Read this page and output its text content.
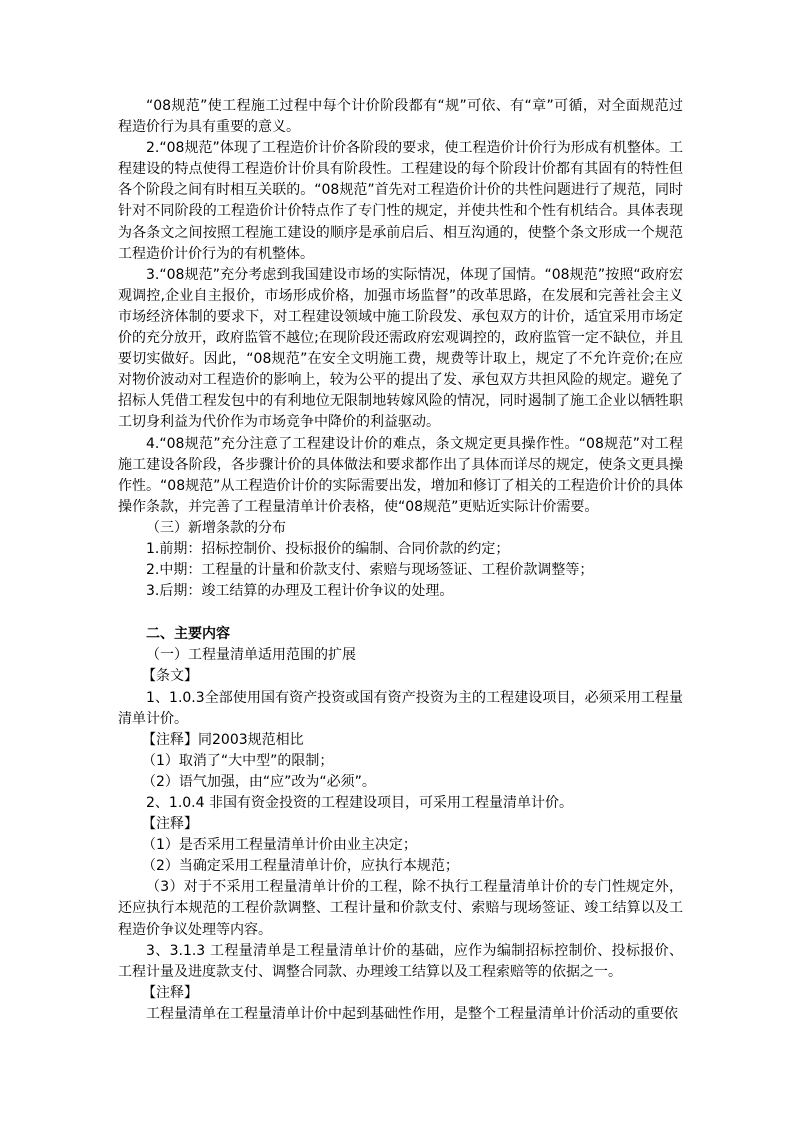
“08规范”使工程施工过程中每个计价阶段都有“规”可依、有“章”可循，对全面规范过程造价行为具有重要的意义。

2.“08规范”体现了工程造价计价各阶段的要求，使工程造价计价行为形成有机整体。工程建设的特点使得工程造价计价具有阶段性。工程建设的每个阶段计价都有其固有的特性但各个阶段之间有时相互关联的。“08规范”首先对工程造价计价的共性问题进行了规范，同时针对不同阶段的工程造价计价特点作了专门性的规定，并使共性和个性有机结合。具体表现为各条文之间按照工程施工建设的顺序是承前启后、相互沟通的，使整个条文形成一个规范工程造价计价行为的有机整体。

3.“08规范”充分考虑到我国建设市场的实际情况，体现了国情。“08规范”按照“政府宏观调控,企业自主报价，市场形成价格，加强市场监督”的改革思路，在发展和完善社会主义市场经济体制的要求下，对工程建设领域中施工阶段发、承包双方的计价，适宜采用市场定价的充分放开，政府监管不越位;在现阶段还需政府宏观调控的，政府监管一定不缺位，并且要切实做好。因此，“08规范”在安全文明施工费，规费等计取上，规定了不允许竞价;在应对物价波动对工程造价的影响上，较为公平的提出了发、承包双方共担风险的规定。避免了招标人凭借工程发包中的有利地位无限制地转嫁风险的情况，同时遏制了施工企业以牺牲职工切身利益为代价作为市场竞争中降价的利益驱动。

4.“08规范”充分注意了工程建设计价的难点，条文规定更具操作性。“08规范”对工程施工建设各阶段，各步骤计价的具体做法和要求都作出了具体而详尽的规定，使条文更具操作性。“08规范”从工程造价计价的实际需要出发，增加和修订了相关的工程造价计价的具体操作条款，并完善了工程量清单计价表格，使“08规范”更贴近实际计价需要。

（三）新增条款的分布

1.前期：招标控制价、投标报价的编制、合同价款的约定；

2.中期：工程量的计量和价款支付、索赔与现场签证、工程价款调整等；

3.后期：竣工结算的办理及工程计价争议的处理。

二、主要内容

（一）工程量清单适用范围的扩展

【条文】

1、1.0.3全部使用国有资产投资或国有资产投资为主的工程建设项目，必须采用工程量清单计价。

【注释】同2003规范相比

（1）取消了“大中型”的限制；

（2）语气加强，由“应”改为“必须”。

2、1.0.4 非国有资金投资的工程建设项目，可采用工程量清单计价。

【注释】

（1）是否采用工程量清单计价由业主决定；

（2）当确定采用工程量清单计价，应执行本规范；

（3）对于不采用工程量清单计价的工程，除不执行工程量清单计价的专门性规定外，还应执行本规范的工程价款调整、工程计量和价款支付、索赔与现场签证、竣工结算以及工程造价争议处理等内容。

3、3.1.3 工程量清单是工程量清单计价的基础，应作为编制招标控制价、投标报价、工程计量及进度款支付、调整合同款、办理竣工结算以及工程索赔等的依据之一。

【注释】

工程量清单在工程量清单计价中起到基础性作用，是整个工程量清单计价活动的重要依
